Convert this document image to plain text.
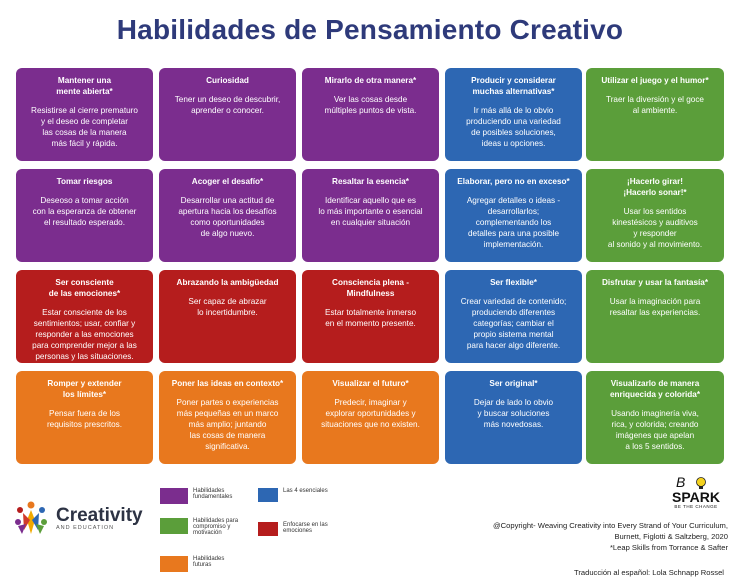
Habilidades de Pensamiento Creativo
Mantener una
mente abierta*
Resistirse al cierre prematuro
y el deseo de completar
las cosas de la manera
más fácil y rápida.
Curiosidad
Tener un deseo de descubrir,
aprender o conocer.
Mirarlo de otra manera*
Ver las cosas desde
múltiples puntos de vista.
Producir y considerar
muchas alternativas*
Ir más allá de lo obvio
produciendo una variedad
de posibles soluciones,
ideas u opciones.
Tomar riesgos
Deseoso a tomar acción
con la esperanza de obtener
el resultado esperado.
Acoger el desafío*
Desarrollar una actitud de
apertura hacia los desafíos
como oportunidades
de algo nuevo.
Resaltar la esencia*
Identificar aquello que es
lo más importante o esencial
en cualquier situación
Elaborar, pero no en exceso*
Agregar detalles o ideas -
desarrollarlos;
complementando los
detalles para una posible
implementación.
Ser consciente
de las emociones*
Estar consciente de los
sentimientos; usar, confiar y
responder a las emociones
para comprender mejor a las
personas y las situaciones.
Abrazando la ambigüedad
Ser capaz de abrazar
lo incertidumbre.
Consciencia plena -
Mindfulness
Estar totalmente inmerso
en el momento presente.
Ser flexible*
Crear variedad de contenido;
produciendo diferentes
categorías; cambiar el
propio sistema mental
para hacer algo diferente.
Romper y extender
los límites*
Pensar fuera de los
requisitos prescritos.
Poner las ideas en contexto*
Poner partes o experiencias
más pequeñas en un marco
más amplio; juntando
las cosas de manera
significativa.
Visualizar el futuro*
Predecir, imaginar y
explorar oportunidades y
situaciones que no existen.
Ser original*
Dejar de lado lo obvio
y buscar soluciones
más novedosas.
Utilizar el juego y el humor*
Traer la diversión y el goce
al ambiente.
¡Hacerlo girar!
¡Hacerlo sonar!*
Usar los sentidos
kinestésicos y auditivos
y responder
al sonido y al movimiento.
Disfrutar y usar la fantasía*
Usar la imaginación para
resaltar las experiencias.
Visualizarlo de manera
enriquecida y colorida*
Usando imaginería viva,
rica, y colorida; creando
imágenes que apelan
a los 5 sentidos.
Habilidades
fundamentales
Las 4 esenciales
Habilidades para
compromiso y
motivación
Enfocarse en las
emociones
Habilidades
futuras
Creativity
AND EDUCATION
B
SPARK
BE THE CHANGE
@Copyright- Weaving Creativity into Every Strand of Your Curriculum,
Burnett, Figlotti & Saltzberg, 2020
*Leap Skills from Torrance & Safter
Traducción al español: Lola Schnapp Rossel
